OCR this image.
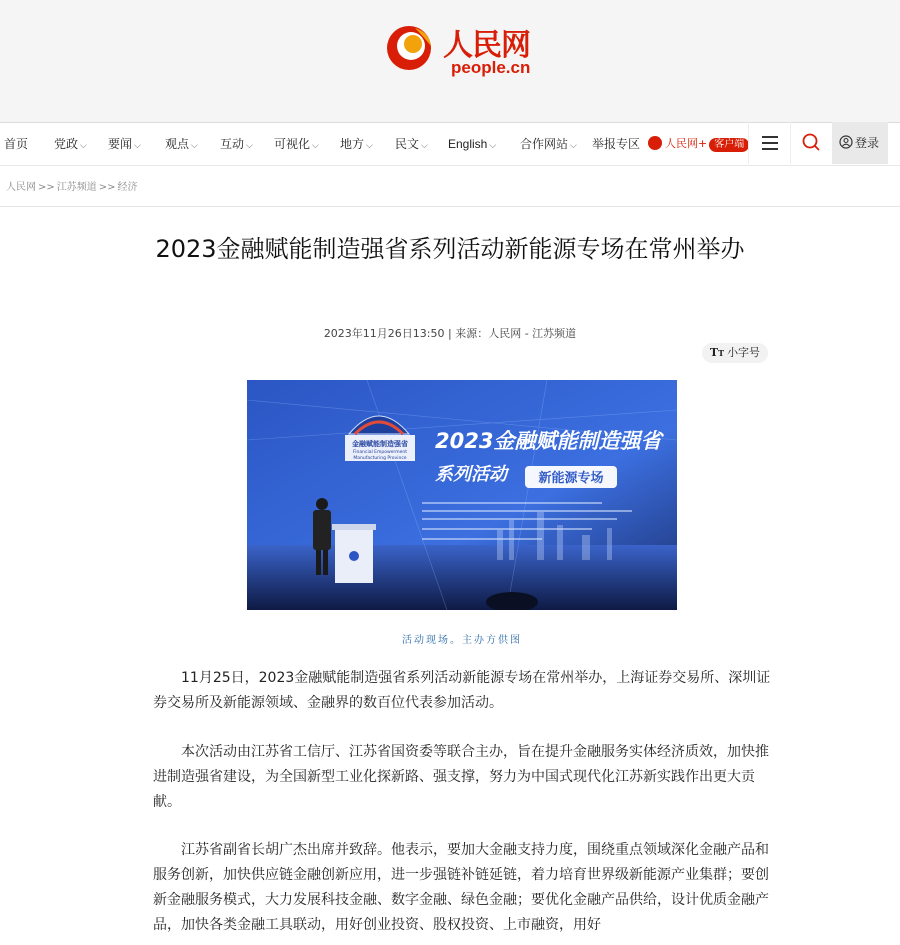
人民网
people.cn
首页 党政 ⌵ 要闻 ⌵ 观点 ⌵ 互动 ⌵ 可视化 ⌵ 地方 ⌵ 民文 ⌵ English ⌵ 合作网站 ⌵ 举报专区	人民网+ 客户端	登录
人民网 >> 江苏频道 >> 经济
2023金融赋能制造强省系列活动新能源专场在常州举办
2023年11月26日13:50 | 来源：人民网 - 江苏频道
TT 小字号
金融赋能制造强省
Financial Empowerment
Manufacturing Province
2023金融赋能制造强省
系列活动 新能源专场
活动现场。主办方供图

11月25日，2023金融赋能制造强省系列活动新能源专场在常州举办，上海证券交易所、深圳证券交易所及新能源领域、金融界的数百位代表参加活动。

本次活动由江苏省工信厅、江苏省国资委等联合主办，旨在提升金融服务实体经济质效，加快推进制造强省建设，为全国新型工业化探新路、强支撑，努力为中国式现代化江苏新实践作出更大贡献。

江苏省副省长胡广杰出席并致辞。他表示，要加大金融支持力度，围绕重点领域深化金融产品和服务创新，加快供应链金融创新应用，进一步强链补链延链，着力培育世界级新能源产业集群；要创新金融服务模式，大力发展科技金融、数字金融、绿色金融；要优化金融产品供给，设计优质金融产品，加快各类金融工具联动，用好创业投资、股权投资、上市融资，用好
